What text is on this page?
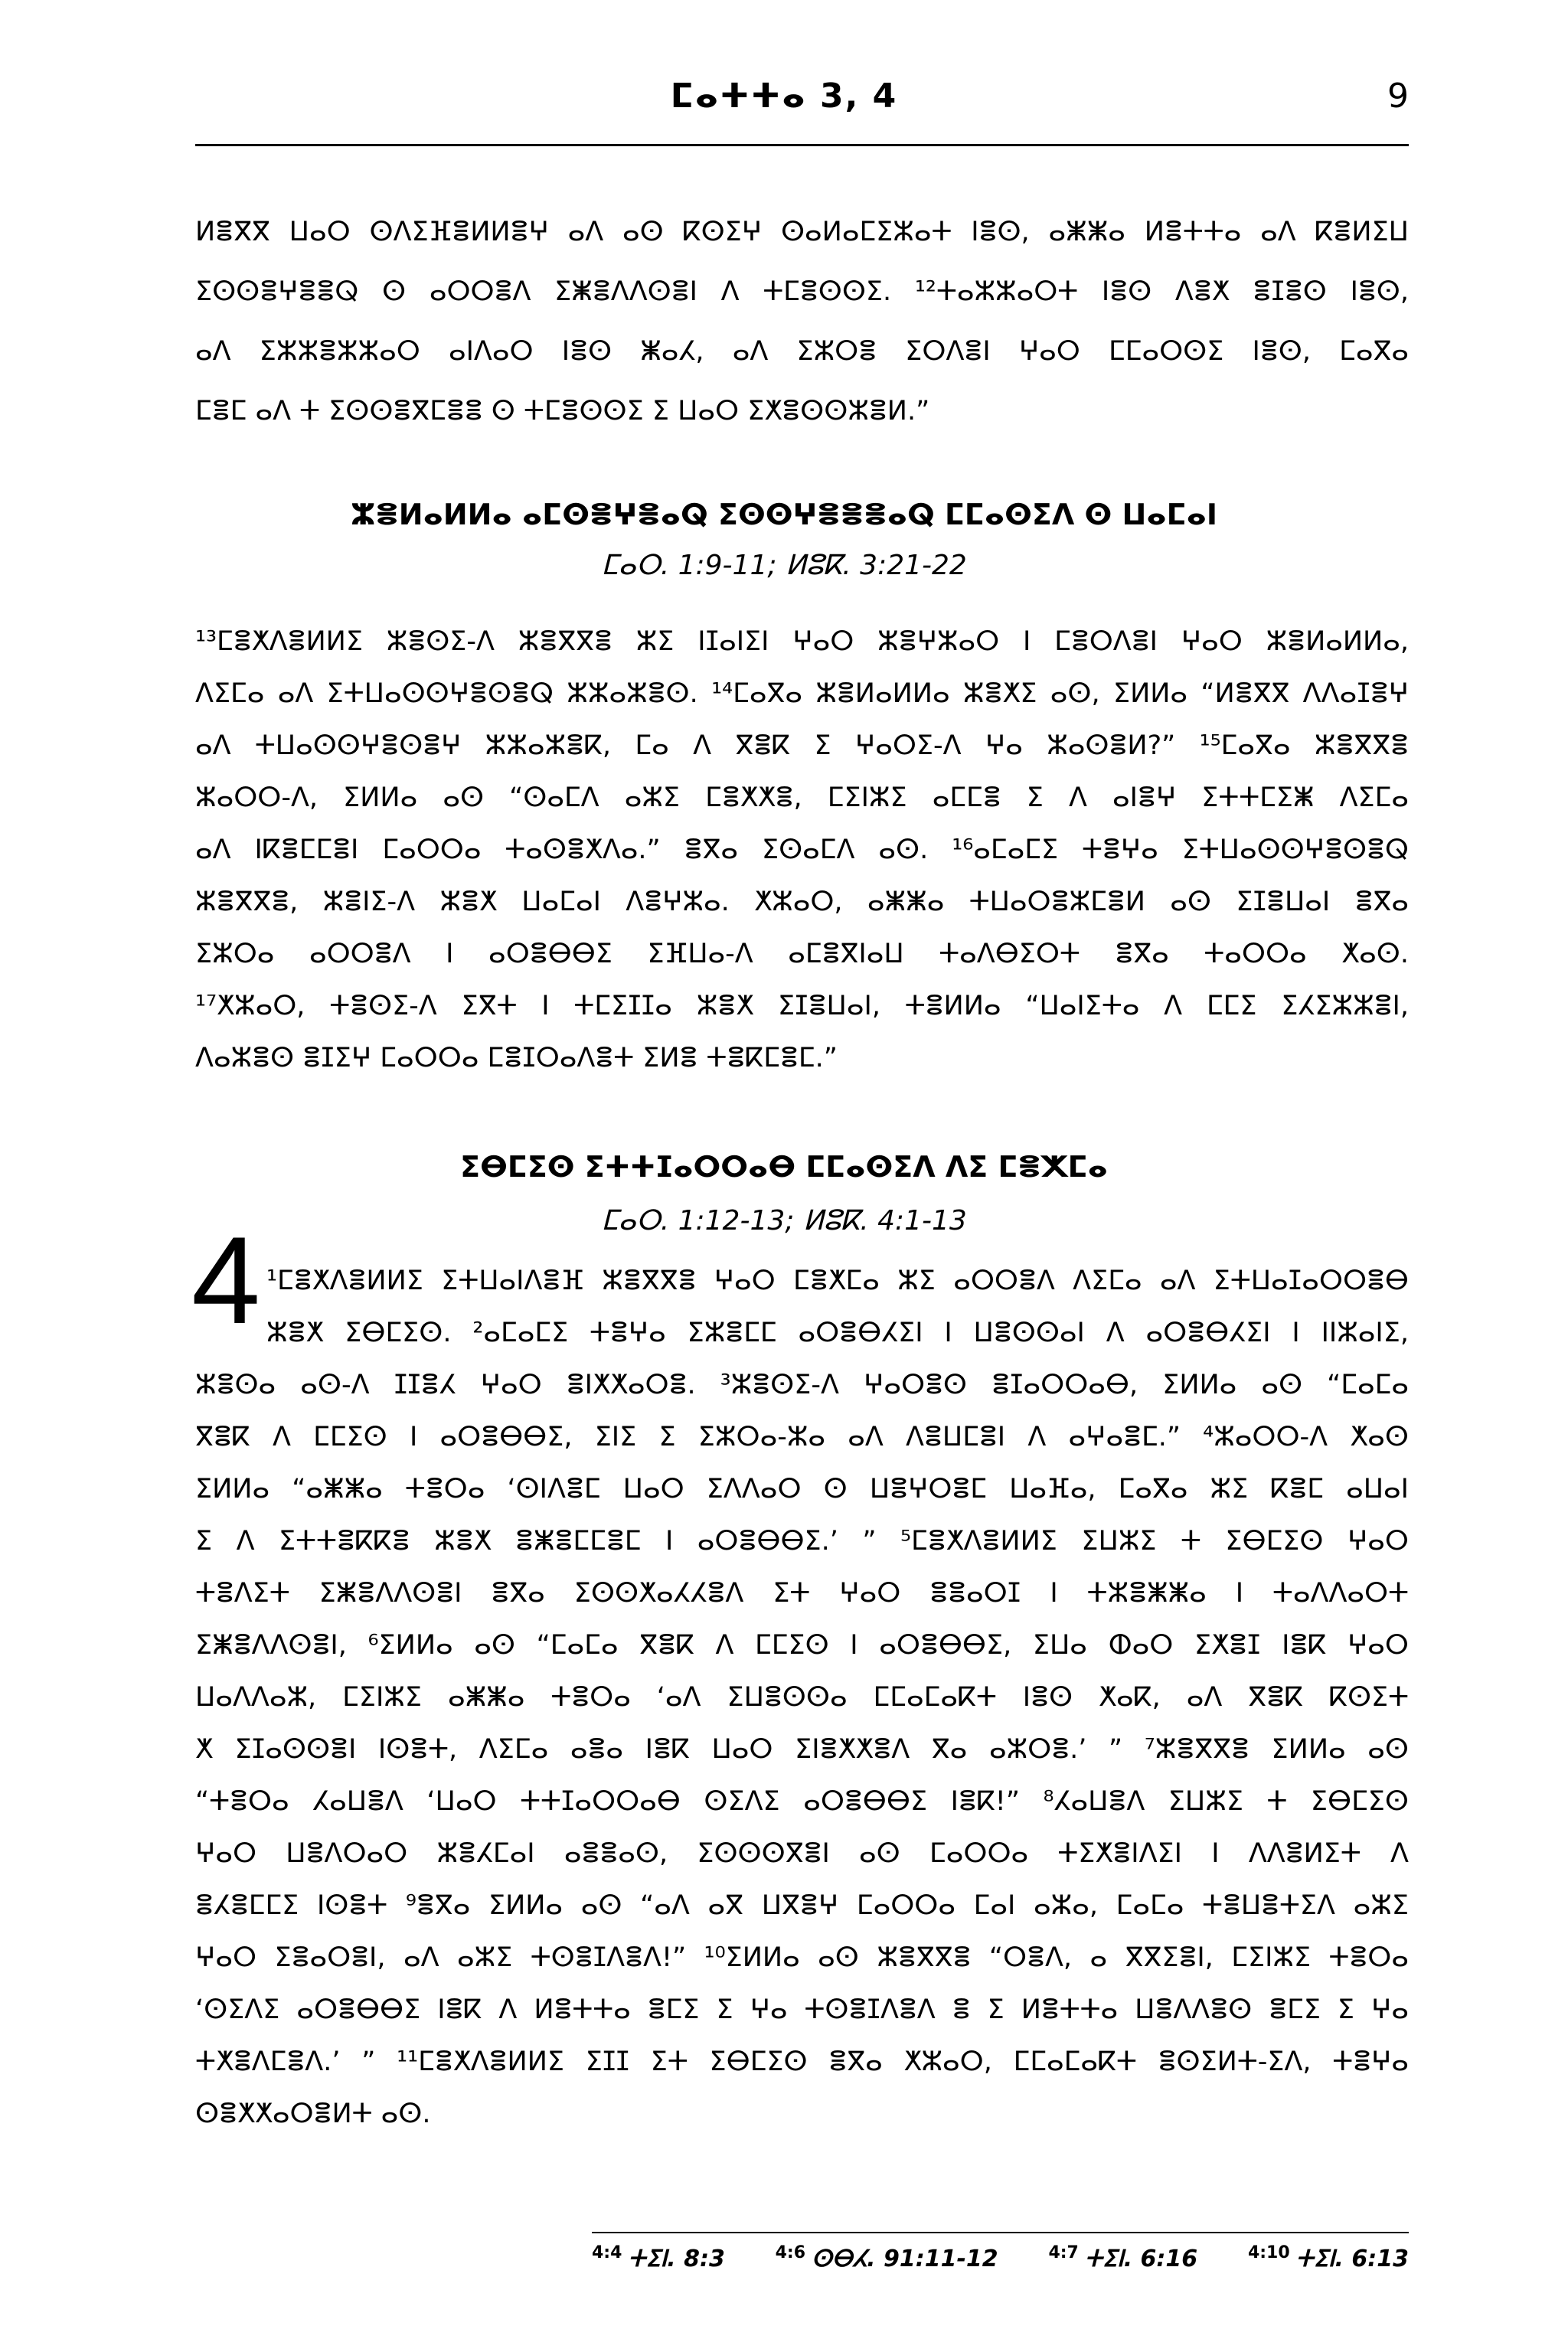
ⵎⴰⵜⵜⴰ 3, 4	9
ⵍⴻⴳⴳ ⵡⴰⵔ ⵙⴷⵉⴼⴻⵍⵍⴻⵖ ⴰⴷ ⴰⵙ ⴽⵙⵉⵖ ⵙⴰⵍⴰⵎⵉⵣⴰⵜ ⵏⴻⵙ, ⴰⵥⵥⴰ ⵍⴻⵜⵜⴰ ⴰⴷ ⴽⴻⵍⵉⵡ
ⵉⵙⵙⴻⵖⴻⴻⵕ ⵙ ⴰⵔⵔⴻⴷ ⵉⵥⴻⴷⴷⵙⴻⵏ ⴷ ⵜⵎⴻⵙⵙⵉ. ¹²ⵜⴰⵣⵣⴰⵔⵜ ⵏⴻⵙ ⴷⴻⵅ ⴻⵊⴻⵙ ⵏⴻⵙ,
ⴰⴷ ⵉⵣⵣⴻⵣⵣⴰⵔ ⴰⵏⴷⴰⵔ ⵏⴻⵙ ⵥⴰⵃ, ⴰⴷ ⵉⵣⵔⴻ ⵉⵔⴷⴻⵏ ⵖⴰⵔ ⵎⵎⴰⵔⵙⵉ ⵏⴻⵙ, ⵎⴰⴳⴰ
ⵎⴻⵎ ⴰⴷ ⵜ ⵉⵙⵙⴻⴳⵎⴻⴻ ⵙ ⵜⵎⴻⵙⵙⵉ ⵉ ⵡⴰⵔ ⵉⵅⴻⵙⵙⵣⴻⵍ.”
ⵣⴻⵍⴰⵍⵍⴰ ⴰⵎⵙⴻⵖⴻⴰⵕ ⵉⵙⵙⵖⴻⴻⴻⴰⵕ ⵎⵎⴰⵙⵉⴷ ⵙ ⵡⴰⵎⴰⵏ
ⵎⴰⵔ. 1:9-11; ⵍⵓⴽ. 3:21-22
¹³ⵎⴻⵅⴷⴻⵍⵍⵉ ⵣⴻⵙⵉ-ⴷ ⵣⴻⴳⴳⴻ ⵣⵉ ⵏⵊⴰⵏⵉⵏ ⵖⴰⵔ ⵣⴻⵖⵣⴰⵔ ⵏ ⵎⴻⵔⴷⴻⵏ ⵖⴰⵔ ⵣⴻⵍⴰⵍⵍⴰ,
ⴷⵉⵎⴰ ⴰⴷ ⵉⵜⵡⴰⵙⵙⵖⴻⵙⴻⵕ ⵣⵣⴰⵣⴻⵙ. ¹⁴ⵎⴰⴳⴰ ⵣⴻⵍⴰⵍⵍⴰ ⵣⴻⵅⵉ ⴰⵙ, ⵉⵍⵍⴰ “ⵍⴻⴳⴳ ⴷⴷⴰⵊⴻⵖ
ⴰⴷ ⵜⵡⴰⵙⵙⵖⴻⵙⴻⵖ ⵣⵣⴰⵣⴻⴽ, ⵎⴰ ⴷ ⴳⴻⴽ ⵉ ⵖⴰⵔⵉ-ⴷ ⵖⴰ ⵣⴰⵙⴻⵍ?” ¹⁵ⵎⴰⴳⴰ ⵣⴻⴳⴳⴻ
ⵣⴰⵔⵔ-ⴷ, ⵉⵍⵍⴰ ⴰⵙ “ⵙⴰⵎⴷ ⴰⵣⵉ ⵎⴻⵅⵅⴻ, ⵎⵉⵏⵣⵉ ⴰⵎⵎⴻ ⵉ ⴷ ⴰⵏⴻⵖ ⵉⵜⵜⵎⵉⵥ ⴷⵉⵎⴰ
ⴰⴷ ⵏⴽⴻⵎⵎⴻⵏ ⵎⴰⵔⵔⴰ ⵜⴰⵙⴻⵅⴷⴰ.” ⴻⴳⴰ ⵉⵙⴰⵎⴷ ⴰⵙ. ¹⁶ⴰⵎⴰⵎⵉ ⵜⴻⵖⴰ ⵉⵜⵡⴰⵙⵙⵖⴻⵙⴻⵕ
ⵣⴻⴳⴳⴻ, ⵣⴻⵏⵉ-ⴷ ⵣⴻⵅ ⵡⴰⵎⴰⵏ ⴷⴻⵖⵣⴰ. ⵅⵣⴰⵔ, ⴰⵥⵥⴰ ⵜⵡⴰⵔⴻⵣⵎⴻⵍ ⴰⵙ ⵉⵊⴻⵡⴰⵏ ⴻⴳⴰ
ⵉⵣⵔⴰ ⴰⵔⵔⴻⴷ ⵏ ⴰⵔⴻⴱⴱⵉ ⵉⴼⵡⴰ-ⴷ ⴰⵎⴻⴳⵏⴰⵡ ⵜⴰⴷⴱⵉⵔⵜ ⴻⴳⴰ ⵜⴰⵔⵔⴰ ⵅⴰⵙ.
¹⁷ⵅⵣⴰⵔ, ⵜⴻⵙⵉ-ⴷ ⵉⴳⵜ ⵏ ⵜⵎⵉⵊⵊⴰ ⵣⴻⵅ ⵉⵊⴻⵡⴰⵏ, ⵜⴻⵍⵍⴰ “ⵡⴰⵏⵉⵜⴰ ⴷ ⵎⵎⵉ ⵉⵃⵉⵣⵣⴻⵏ,
ⴷⴰⵣⴻⵙ ⴻⵊⵉⵖ ⵎⴰⵔⵔⴰ ⵎⴻⵊⵔⴰⴷⴻⵜ ⵉⵍⴻ ⵜⴻⴽⵎⴻⵎ.”
ⵉⴱⵎⵉⵙ ⵉⵜⵜⵊⴰⵔⵔⴰⴱ ⵎⵎⴰⵙⵉⴷ ⴷⵉ ⵎⴻⵅⵎⴰ
ⵎⴰⵔ. 1:12-13; ⵍⵓⴽ. 4:1-13
4 ¹ⵎⴻⵅⴷⴻⵍⵍⵉ ⵉⵜⵡⴰⵏⴷⴻⴼ ⵣⴻⴳⴳⴻ ⵖⴰⵔ ⵎⴻⵅⵎⴰ ⵣⵉ ⴰⵔⵔⴻⴷ ⴷⵉⵎⴰ ⴰⴷ ⵉⵜⵡⴰⵊⴰⵔⵔⴻⴱ
ⵣⴻⵅ ⵉⴱⵎⵉⵙ. ²ⴰⵎⴰⵎⵉ ⵜⴻⵖⴰ ⵉⵣⴻⵎⵎ ⴰⵔⴻⴱⵃⵉⵏ ⵏ ⵡⴻⵙⵙⴰⵏ ⴷ ⴰⵔⴻⴱⵃⵉⵏ ⵏ ⵏⵏⵣⴰⵏⵉ,
ⵣⴻⵙⴰ ⴰⵙ-ⴷ ⵊⵊⴻⵃ ⵖⴰⵔ ⴻⵏⵅⵅⴰⵔⴻ. ³ⵣⴻⵙⵉ-ⴷ ⵖⴰⵔⴻⵙ ⴻⵊⴰⵔⵔⴰⴱ, ⵉⵍⵍⴰ ⴰⵙ “ⵎⴰⵎⴰ
ⴳⴻⴽ ⴷ ⵎⵎⵉⵙ ⵏ ⴰⵔⴻⴱⴱⵉ, ⵉⵏⵉ ⵉ ⵉⵣⵔⴰ-ⵣⴰ ⴰⴷ ⴷⴻⵡⵎⴻⵏ ⴷ ⴰⵖⴰⴻⵎ.” ⁴ⵣⴰⵔⵔ-ⴷ ⵅⴰⵙ
ⵉⵍⵍⴰ “ⴰⵥⵥⴰ ⵜⴻⵔⴰ ‘ⵙⵏⴷⴻⵎ ⵡⴰⵔ ⵉⴷⴷⴰⵔ ⵙ ⵡⴻⵖⵔⴻⵎ ⵡⴰⴼⴰ, ⵎⴰⴳⴰ ⵣⵉ ⴽⴻⵎ ⴰⵡⴰⵏ
ⵉ ⴷ ⵉⵜⵜⴻⴽⴽⴻ ⵣⴻⵅ ⴻⵥⴻⵎⵎⴻⵎ ⵏ ⴰⵔⴻⴱⴱⵉ.’ ” ⁵ⵎⴻⵅⴷⴻⵍⵍⵉ ⵉⵡⵣⵉ ⵜ ⵉⴱⵎⵉⵙ ⵖⴰⵔ
ⵜⴻⴷⵉⵜ ⵉⵥⴻⴷⴷⵙⴻⵏ ⴻⴳⴰ ⵉⵙⵙⵅⴰⵃⵃⴻⴷ ⵉⵜ ⵖⴰⵔ ⴻⴻⴰⵔⵊ ⵏ ⵜⵣⴻⵥⵥⴰ ⵏ ⵜⴰⴷⴷⴰⵔⵜ
ⵉⵥⴻⴷⴷⵙⴻⵏ, ⁶ⵉⵍⵍⴰ ⴰⵙ “ⵎⴰⵎⴰ ⴳⴻⴽ ⴷ ⵎⵎⵉⵙ ⵏ ⴰⵔⴻⴱⴱⵉ, ⵉⵡⴰ ⵀⴰⵔ ⵉⵅⴻⵊ ⵏⴻⴽ ⵖⴰⵔ
ⵡⴰⴷⴷⴰⵣ, ⵎⵉⵏⵣⵉ ⴰⵥⵥⴰ ⵜⴻⵔⴰ ‘ⴰⴷ ⵉⵡⴻⵙⵙⴰ ⵎⵎⴰⵎⴰⴽⵜ ⵏⴻⵙ ⵅⴰⴽ, ⴰⴷ ⴳⴻⴽ ⴽⵙⵉⵜ
ⵅ ⵉⵊⴰⵙⵙⴻⵏ ⵏⵙⴻⵜ, ⴷⵉⵎⴰ ⴰⴻⴰ ⵏⴻⴽ ⵡⴰⵔ ⵉⵏⴻⵅⵅⴻⴷ ⴳⴰ ⴰⵣⵔⴻ.’ ” ⁷ⵣⴻⴳⴳⴻ ⵉⵍⵍⴰ ⴰⵙ
“ⵜⴻⵔⴰ ⵃⴰⵡⴻⴷ ‘ⵡⴰⵔ ⵜⵜⵊⴰⵔⵔⴰⴱ ⵙⵉⴷⵉ ⴰⵔⴻⴱⴱⵉ ⵏⴻⴽ!” ⁸ⵃⴰⵡⴻⴷ ⵉⵡⵣⵉ ⵜ ⵉⴱⵎⵉⵙ
ⵖⴰⵔ ⵡⴻⴷⵔⴰⵔ ⵣⴻⵃⵎⴰⵏ ⴰⴻⴻⴰⵙ, ⵉⵙⵙⵙⴳⴻⵏ ⴰⵙ ⵎⴰⵔⵔⴰ ⵜⵉⵅⴻⵏⴷⵉⵏ ⵏ ⴷⴷⴻⵍⵉⵜ ⴷ
ⴻⵃⴻⵎⵎⵉ ⵏⵙⴻⵜ ⁹ⴻⴳⴰ ⵉⵍⵍⴰ ⴰⵙ “ⴰⴷ ⴰⴳ ⵡⴳⴻⵖ ⵎⴰⵔⵔⴰ ⵎⴰⵏ ⴰⵣⴰ, ⵎⴰⵎⴰ ⵜⴻⵡⴻⵜⵉⴷ ⴰⵣⵉ
ⵖⴰⵔ ⵉⴻⴰⵔⴻⵏ, ⴰⴷ ⴰⵣⵉ ⵜⵙⴻⵊⴷⴻⴷ!” ¹⁰ⵉⵍⵍⴰ ⴰⵙ ⵣⴻⴳⴳⴻ “ⵔⴻⴷ, ⴰ ⴳⴳⵉⴻⵏ, ⵎⵉⵏⵣⵉ ⵜⴻⵔⴰ
‘ⵙⵉⴷⵉ ⴰⵔⴻⴱⴱⵉ ⵏⴻⴽ ⴷ ⵍⴻⵜⵜⴰ ⴻⵎⵉ ⵉ ⵖⴰ ⵜⵙⴻⵊⴷⴻⴷ ⴻ ⵉ ⵍⴻⵜⵜⴰ ⵡⴻⴷⴷⴻⵙ ⴻⵎⵉ ⵉ ⵖⴰ
ⵜⵅⴻⴷⵎⴻⴷ.’ ” ¹¹ⵎⴻⵅⴷⴻⵍⵍⵉ ⵉⵊⵊ ⵉⵜ ⵉⴱⵎⵉⵙ ⴻⴳⴰ ⵅⵣⴰⵔ, ⵎⵎⴰⵎⴰⴽⵜ ⴻⵙⵉⵍⵜ-ⵉⴷ, ⵜⴻⵖⴰ
ⵙⴻⵅⵅⴰⵔⴻⵍⵜ ⴰⵙ.
$^{4:4}$ ⵜⵉⵏ. 8:3	$^{4:6}$ ⵙⴱⵃ. 91:11-12	$^{4:7}$ ⵜⵉⵏ. 6:16	$^{4:10}$ ⵜⵉⵏ. 6:13
